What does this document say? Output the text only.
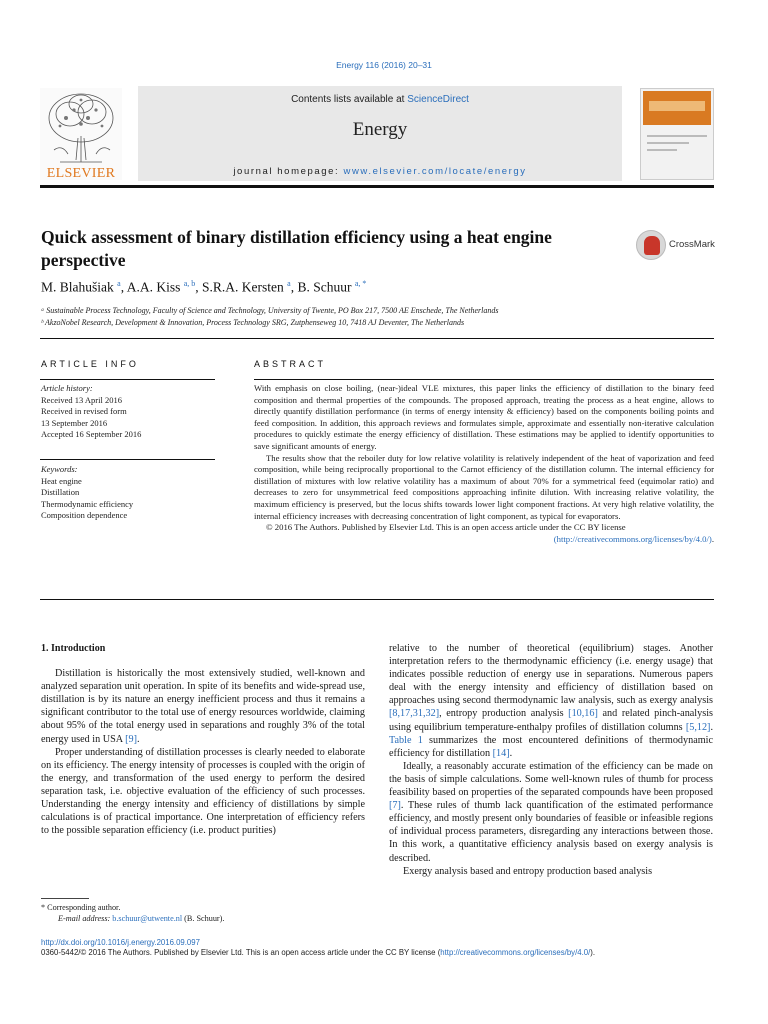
Energy 116 (2016) 20–31
ELSEVIER
Contents lists available at ScienceDirect
Energy
journal homepage: www.elsevier.com/locate/energy
Quick assessment of binary distillation efficiency using a heat engine perspective
CrossMark
M. Blahušiak $^a$, A.A. Kiss $^{a, b}$, S.R.A. Kersten $^a$, B. Schuur $^{a, *}$
ᵃ Sustainable Process Technology, Faculty of Science and Technology, University of Twente, PO Box 217, 7500 AE Enschede, The Netherlands
ᵇ AkzoNobel Research, Development & Innovation, Process Technology SRG, Zutphenseweg 10, 7418 AJ Deventer, The Netherlands
ARTICLE INFO	ABSTRACT
Article history:
Received 13 April 2016
Received in revised form
13 September 2016
Accepted 16 September 2016
Keywords:
Heat engine
Distillation
Thermodynamic efficiency
Composition dependence

With emphasis on close boiling, (near-)ideal VLE mixtures, this paper links the efficiency of distillation to the binary feed composition and thermal properties of the compounds. The proposed approach, treating the process as a heat engine, allows to directly quantify distillation performance (in terms of energy intensity & efficiency) based on the components boiling points and feed composition. In addition, this approach reviews and formulates simple, approximate and essentially non-iterative calculation procedures to quickly estimate the energy efficiency of distillation. These estimations may be applied to identify opportunities to save significant amounts of energy.

The results show that the reboiler duty for low relative volatility is relatively independent of the heat of vaporization and feed composition, while being reciprocally proportional to the Carnot efficiency of the distillation column. The internal efficiency for distillation of mixtures with low relative volatility has a maximum of about 70% for a symmetrical feed (equimolar ratio) and decreases to zero for unsymmetrical feed compositions approaching infinite dilution. With increasing relative volatility, the maximum efficiency is preserved, but the locus shifts towards lower light component fractions. At very high relative volatility, the internal efficiency increases with decreasing concentration of light component, as typical for evaporators.

© 2016 The Authors. Published by Elsevier Ltd. This is an open access article under the CC BY license

(http://creativecommons.org/licenses/by/4.0/).
1. Introduction

Distillation is historically the most extensively studied, well-known and analyzed separation unit operation. In spite of its benefits and wide-spread use, distillation is by its nature an energy inefficient process and thus it remains a significant contributor to the total use of energy resources worldwide, claiming about 95% of the total energy used in separations and roughly 3% of the total energy used in USA [9].

Proper understanding of distillation processes is clearly needed to elaborate on its efficiency. The energy intensity of processes is coupled with the origin of the energy, and transformation of the used energy to perform the desired separation task, i.e. objective evaluation of the efficiency of such processes. Understanding the energy intensity and efficiency of distillations by simple calculations is of practical importance. One interpretation of efficiency refers to the possible separation efficiency (i.e. product purities)

relative to the number of theoretical (equilibrium) stages. Another interpretation refers to the thermodynamic efficiency (i.e. energy usage) that indicates possible reduction of energy use in separations. Numerous papers deal with the energy intensity and efficiency of distillation based on approaches using second thermodynamic law analysis, such as exergy analysis [8,17,31,32], entropy production analysis [10,16] and related pinch-analysis using equilibrium temperature-enthalpy profiles of distillation columns [5,12]. Table 1 summarizes the most encountered definitions of thermodynamic efficiency for distillation [14].

Ideally, a reasonably accurate estimation of the efficiency can be made on the basis of simple calculations. Some well-known rules of thumb for process feasibility based on properties of the separated compounds have been proposed [7]. These rules of thumb lack quantification of the estimated performance efficiency, and mostly present only boundaries of feasible or infeasible regions of individual process parameters, disregarding any interactions between those. In this work, a quantitative efficiency analysis based on exergy analysis is described.

Exergy analysis based and entropy production based analysis

* Corresponding author.
E-mail address: b.schuur@utwente.nl (B. Schuur).
http://dx.doi.org/10.1016/j.energy.2016.09.097
0360-5442/© 2016 The Authors. Published by Elsevier Ltd. This is an open access article under the CC BY license (http://creativecommons.org/licenses/by/4.0/).
